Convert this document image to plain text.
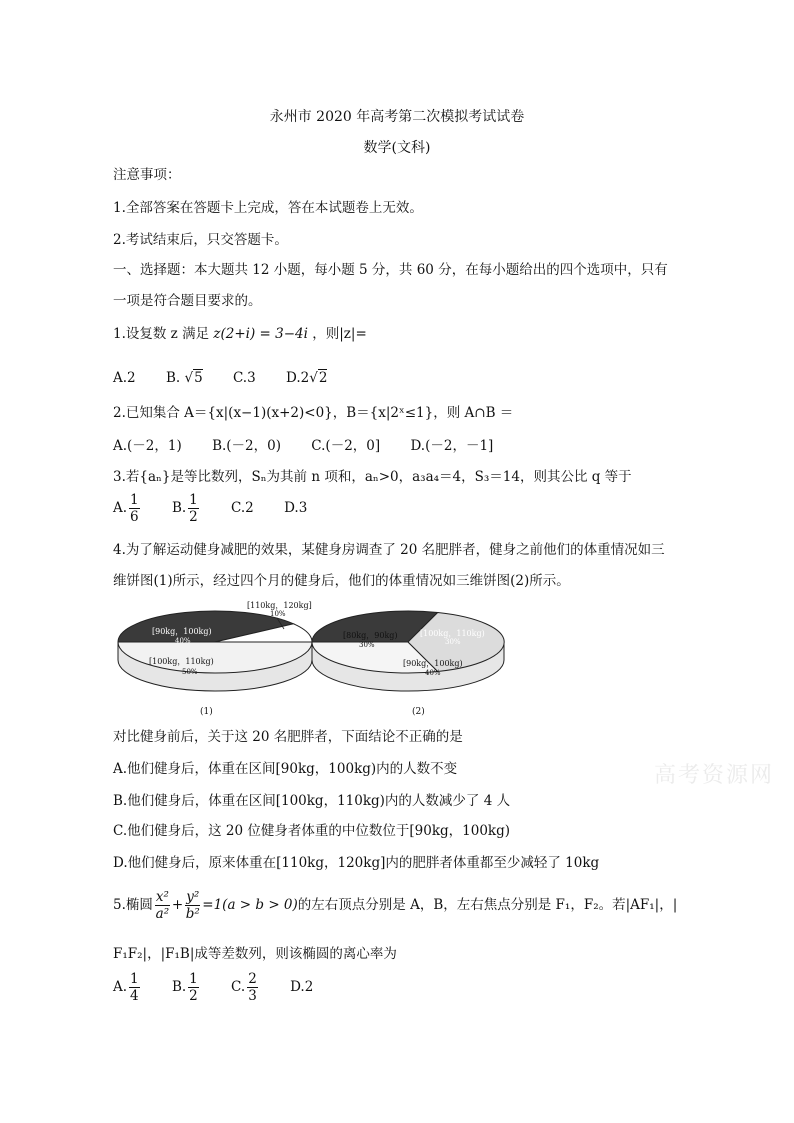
永州市 2020 年高考第二次模拟考试试卷
数学(文科)
注意事项：
1.全部答案在答题卡上完成，答在本试题卷上无效。
2.考试结束后，只交答题卡。
一、选择题：本大题共 12 小题，每小题 5 分，共 60 分，在每小题给出的四个选项中，只有
一项是符合题目要求的。
1.设复数 z 满足 z(2+i) = 3−4i ，则|z|=
A.2 B. √5 C.3 D.2√2
2.已知集合 A＝{x|(x−1)(x+2)<0}，B＝{x|2ˣ≤1}，则 A∩B ＝
A.(－2，1) B.(－2，0) C.(－2，0] D.(－2，－1]
3.若{aₙ}是等比数列，Sₙ为其前 n 项和，aₙ>0，a₃a₄＝4，S₃＝14，则其公比 q 等于
A. $\frac{1}{6} B$. $\frac{1}{2} C.2$ D.3
4.为了解运动健身减肥的效果，某健身房调查了 20 名肥胖者，健身之前他们的体重情况如三
维饼图(1)所示，经过四个月的健身后，他们的体重情况如三维饼图(2)所示。
[90kg，100kg)
40%
[100kg，110kg)
50%
[110kg，120kg]
10%
(1)
[80kg，90kg)
30%
[100kg，110kg)
30%
[90kg，100kg)
40%
(2)
对比健身前后，关于这 20 名肥胖者，下面结论不正确的是
A.他们健身后，体重在区间[90kg，100kg)内的人数不变
B.他们健身后，体重在区间[100kg，110kg)内的人数减少了 4 人
C.他们健身后，这 20 位健身者体重的中位数位于[90kg，100kg)
D.他们健身后，原来体重在[110kg，120kg]内的肥胖者体重都至少减轻了 10kg
5.椭圆 $\frac{\text{x²}}{\text{a²}} + \frac{\text{y²}}{\text{b²}} =1(a > b > 0)$的左右顶点分别是 A，B，左右焦点分别是 F₁，F₂。若|AF₁|，|
F₁F₂|，|F₁B|成等差数列，则该椭圆的离心率为
A. $\frac{1}{4} B$. $\frac{1}{2} C$. $\frac{2}{3} D.2$
高考资源网
